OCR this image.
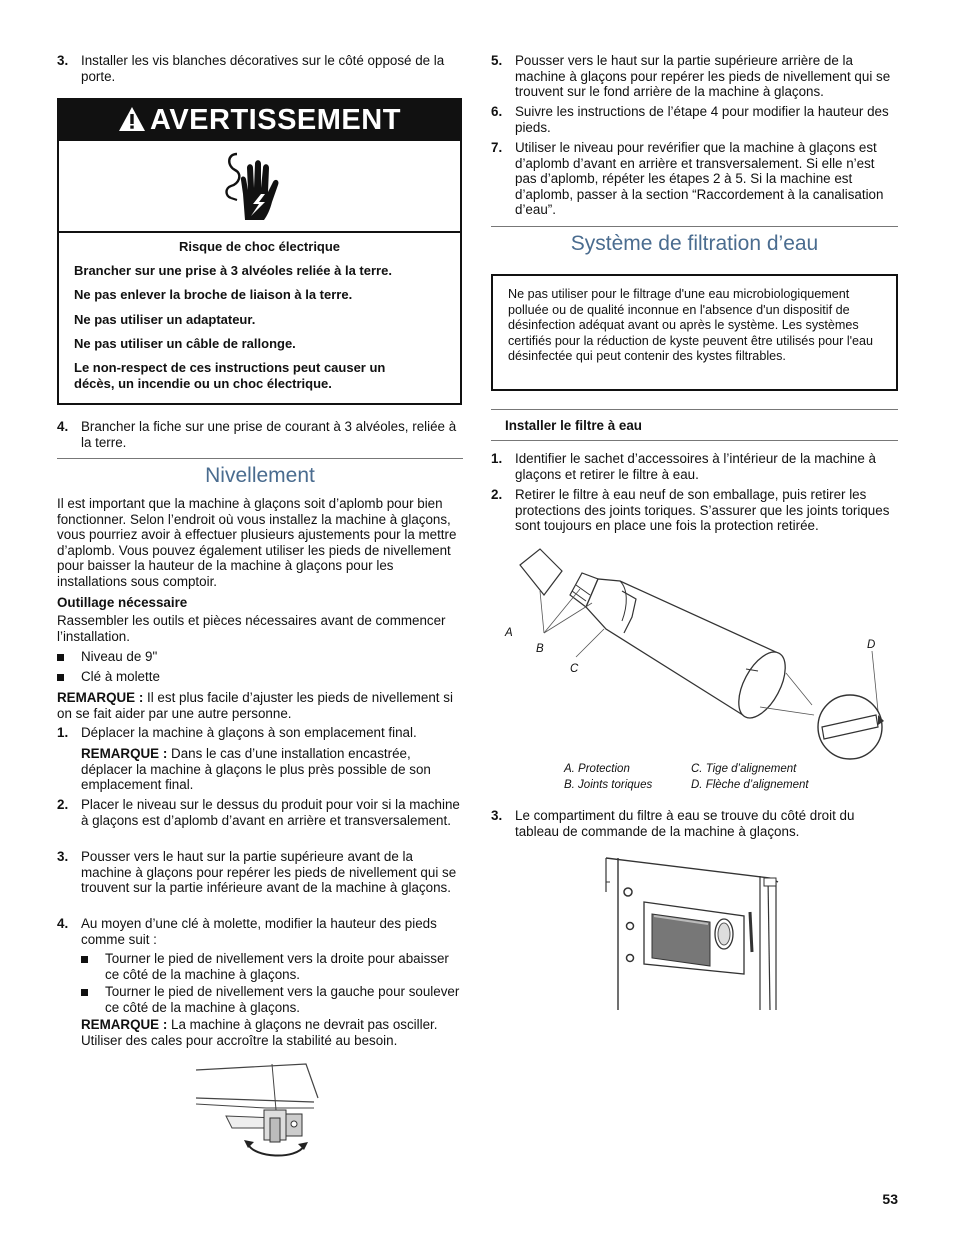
3. Installer les vis blanches décoratives sur le côté opposé de la porte.
AVERTISSEMENT
Risque de choc électrique
Brancher sur une prise à 3 alvéoles reliée à la terre.
Ne pas enlever la broche de liaison à la terre.
Ne pas utiliser un adaptateur.
Ne pas utiliser un câble de rallonge.
Le non-respect de ces instructions peut causer un décès, un incendie ou un choc électrique.
4. Brancher la fiche sur une prise de courant à 3 alvéoles, reliée à la terre.
Nivellement
Il est important que la machine à glaçons soit d’aplomb pour bien fonctionner. Selon l’endroit où vous installez la machine à glaçons, vous pourriez avoir à effectuer plusieurs ajustements pour la mettre d’aplomb. Vous pouvez également utiliser les pieds de nivellement pour baisser la hauteur de la machine à glaçons pour les installations sous comptoir.
Outillage nécessaire
Rassembler les outils et pièces nécessaires avant de commencer l’installation.
Niveau de 9"
Clé à molette
REMARQUE : Il est plus facile d’ajuster les pieds de nivellement si on se fait aider par une autre personne.
1. Déplacer la machine à glaçons à son emplacement final.
REMARQUE : Dans le cas d’une installation encastrée, déplacer la machine à glaçons le plus près possible de son emplacement final.
2. Placer le niveau sur le dessus du produit pour voir si la machine à glaçons est d’aplomb d’avant en arrière et transversalement.
3. Pousser vers le haut sur la partie supérieure avant de la machine à glaçons pour repérer les pieds de nivellement qui se trouvent sur la partie inférieure avant de la machine à glaçons.
4. Au moyen d’une clé à molette, modifier la hauteur des pieds comme suit :
Tourner le pied de nivellement vers la droite pour abaisser ce côté de la machine à glaçons.
Tourner le pied de nivellement vers la gauche pour soulever ce côté de la machine à glaçons.
REMARQUE : La machine à glaçons ne devrait pas osciller. Utiliser des cales pour accroître la stabilité au besoin.
5. Pousser vers le haut sur la partie supérieure arrière de la machine à glaçons pour repérer les pieds de nivellement qui se trouvent sur le fond arrière de la machine à glaçons.
6. Suivre les instructions de l’étape 4 pour modifier la hauteur des pieds.
7. Utiliser le niveau pour revérifier que la machine à glaçons est d’aplomb d’avant en arrière et transversalement. Si elle n’est pas d’aplomb, répéter les étapes 2 à 5. Si la machine est d’aplomb, passer à la section “Raccordement à la canalisation d’eau”.
Système de filtration d’eau
Ne pas utiliser pour le filtrage d'une eau microbiologiquement polluée ou de qualité inconnue en l'absence d'un dispositif de désinfection adéquat avant ou après le système. Les systèmes certifiés pour la réduction de kyste peuvent être utilisés pour l'eau désinfectée qui peut contenir des kystes filtrables.
Installer le filtre à eau
1. Identifier le sachet d’accessoires à l’intérieur de la machine à glaçons et retirer le filtre à eau.
2. Retirer le filtre à eau neuf de son emballage, puis retirer les protections des joints toriques. S’assurer que les joints toriques sont toujours en place une fois la protection retirée.
A
B
C
D
A. Protection
B. Joints toriques
C. Tige d’alignement
D. Flèche d’alignement
3. Le compartiment du filtre à eau se trouve du côté droit du tableau de commande de la machine à glaçons.
53
